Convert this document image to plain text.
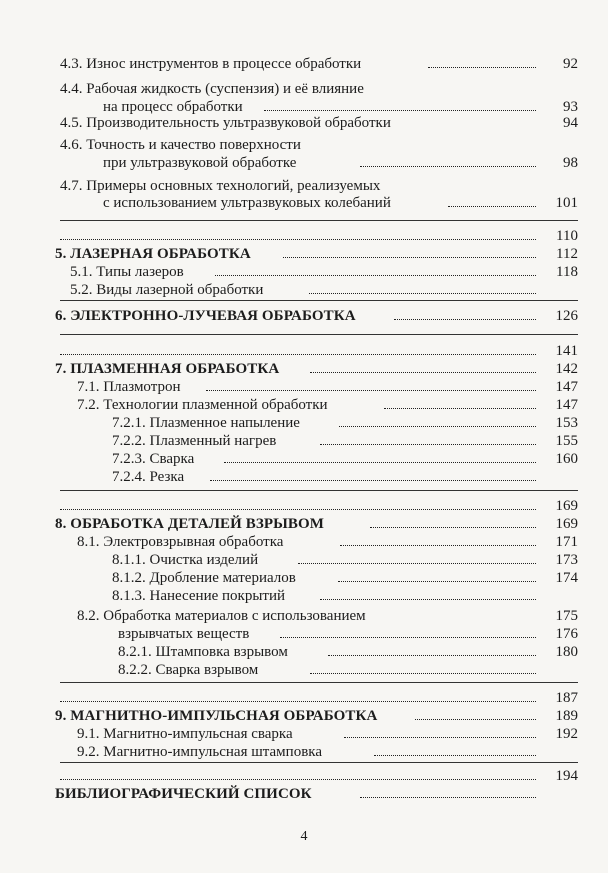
4.3. Износ инструментов в процессе обработки	92
4.4. Рабочая жидкость (суспензия) и её влияние
на процесс обработки	93
4.5. Производительность ультразвуковой обработки	94
4.6. Точность и качество поверхности
при ультразвуковой обработке	98
4.7. Примеры основных технологий, реализуемых
с использованием ультразвуковых колебаний	101
110
5. ЛАЗЕРНАЯ ОБРАБОТКА	112
5.1. Типы лазеров	118
5.2. Виды лазерной обработки
6. ЭЛЕКТРОННО-ЛУЧЕВАЯ ОБРАБОТКА	126
141
7. ПЛАЗМЕННАЯ ОБРАБОТКА	142
7.1. Плазмотрон	147
7.2. Технологии плазменной обработки	147
7.2.1. Плазменное напыление	153
7.2.2. Плазменный нагрев	155
7.2.3. Сварка	160
7.2.4. Резка
169
8. ОБРАБОТКА ДЕТАЛЕЙ ВЗРЫВОМ	169
8.1. Электровзрывная обработка	171
8.1.1. Очистка изделий	173
8.1.2. Дробление материалов	174
8.1.3. Нанесение покрытий
8.2. Обработка материалов с использованием	175
взрывчатых веществ	176
8.2.1. Штамповка взрывом	180
8.2.2. Сварка взрывом
187
9. МАГНИТНО-ИМПУЛЬСНАЯ ОБРАБОТКА	189
9.1. Магнитно-импульсная сварка	192
9.2. Магнитно-импульсная штамповка
194
БИБЛИОГРАФИЧЕСКИЙ СПИСОК
4
